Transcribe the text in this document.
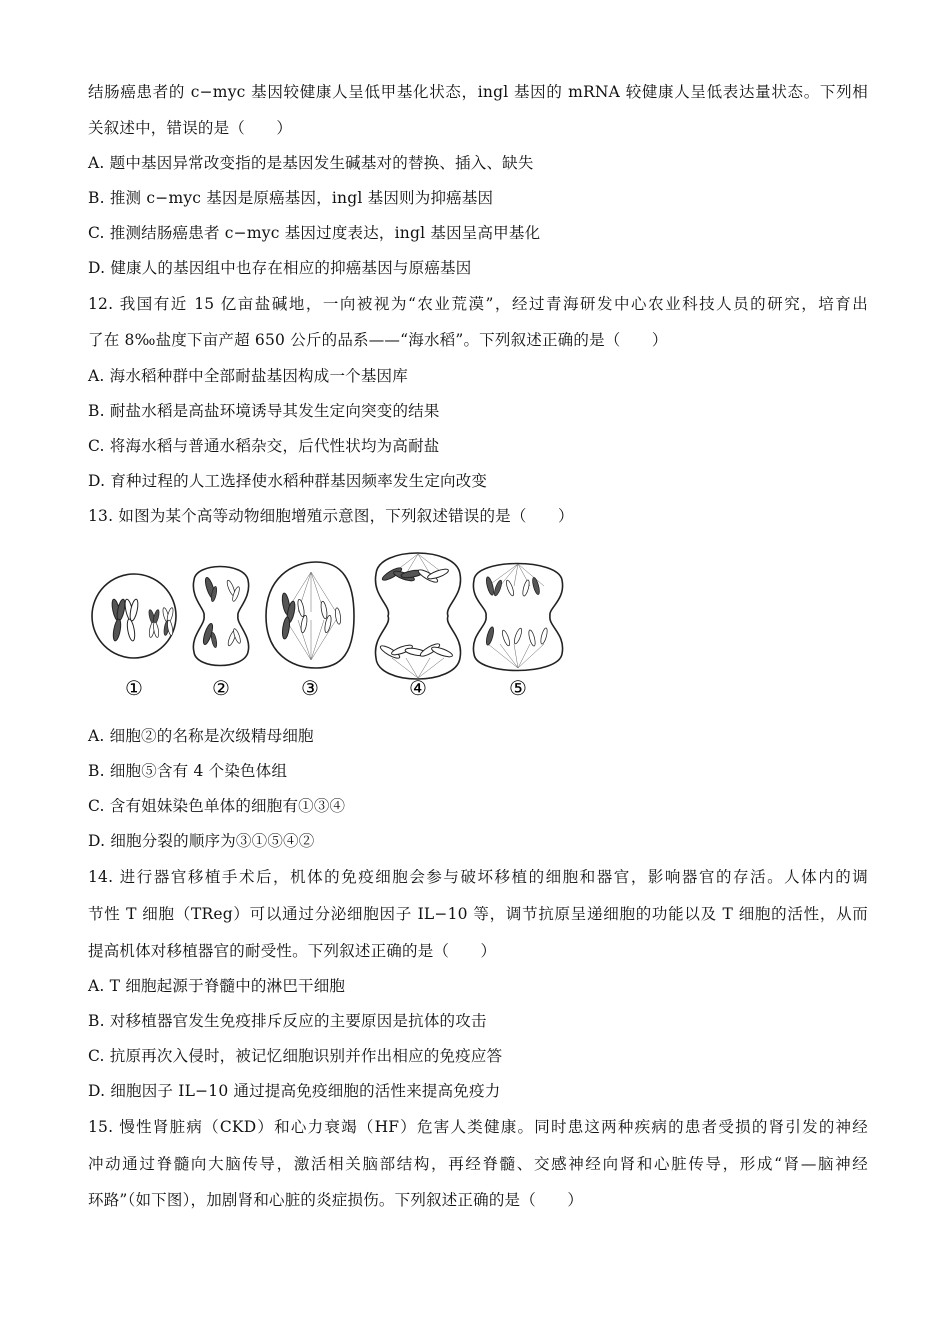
结肠癌患者的 c−myc 基因较健康人呈低甲基化状态，ingl 基因的 mRNA 较健康人呈低表达量状态。下列相
关叙述中，错误的是（　　）
A. 题中基因异常改变指的是基因发生碱基对的替换、插入、缺失
B. 推测 c−myc 基因是原癌基因，ingl 基因则为抑癌基因
C. 推测结肠癌患者 c−myc 基因过度表达，ingl 基因呈高甲基化
D. 健康人的基因组中也存在相应的抑癌基因与原癌基因
12. 我国有近 15 亿亩盐碱地，一向被视为“农业荒漠”，经过青海研发中心农业科技人员的研究，培育出
了在 8‰盐度下亩产超 650 公斤的品系——“海水稻”。下列叙述正确的是（　　）
A. 海水稻种群中全部耐盐基因构成一个基因库
B. 耐盐水稻是高盐环境诱导其发生定向突变的结果
C. 将海水稻与普通水稻杂交，后代性状均为高耐盐
D. 育种过程的人工选择使水稻种群基因频率发生定向改变
13. 如图为某个高等动物细胞增殖示意图，下列叙述错误的是（　　）
①	②	③	④	⑤
A. 细胞②的名称是次级精母细胞
B. 细胞⑤含有 4 个染色体组
C. 含有姐妹染色单体的细胞有①③④
D. 细胞分裂的顺序为③①⑤④②
14. 进行器官移植手术后，机体的免疫细胞会参与破坏移植的细胞和器官，影响器官的存活。人体内的调
节性 T 细胞（TReg）可以通过分泌细胞因子 IL−10 等，调节抗原呈递细胞的功能以及 T 细胞的活性，从而
提高机体对移植器官的耐受性。下列叙述正确的是（　　）
A. T 细胞起源于脊髓中的淋巴干细胞
B. 对移植器官发生免疫排斥反应的主要原因是抗体的攻击
C. 抗原再次入侵时，被记忆细胞识别并作出相应的免疫应答
D. 细胞因子 IL−10 通过提高免疫细胞的活性来提高免疫力
15. 慢性肾脏病（CKD）和心力衰竭（HF）危害人类健康。同时患这两种疾病的患者受损的肾引发的神经
冲动通过脊髓向大脑传导，激活相关脑部结构，再经脊髓、交感神经向肾和心脏传导，形成“肾—脑神经
环路”（如下图），加剧肾和心脏的炎症损伤。下列叙述正确的是（　　）
